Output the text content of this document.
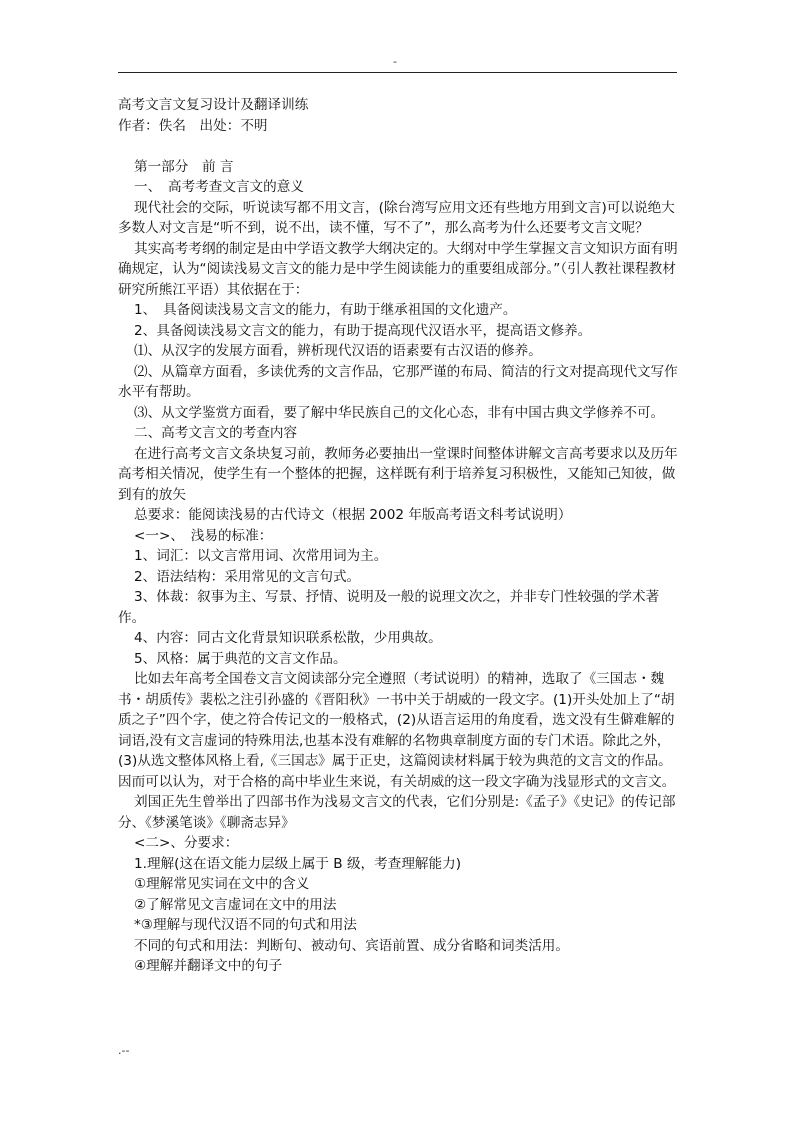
-

高考文言文复习设计及翻译训练

作者：佚名　出处：不明

第一部分　前 言

一、　高考考查文言文的意义

现代社会的交际，听说读写都不用文言，(除台湾写应用文还有些地方用到文言)可以说绝大多数人对文言是“听不到，说不出，读不懂，写不了”，那么高考为什么还要考文言文呢？

其实高考考纲的制定是由中学语文教学大纲决定的。大纲对中学生掌握文言文知识方面有明确规定，认为“阅读浅易文言文的能力是中学生阅读能力的重要组成部分。”（引人教社课程教材研究所熊江平语）其依据在于：

1、　具备阅读浅易文言文的能力，有助于继承祖国的文化遗产。

2、具备阅读浅易文言文的能力，有助于提高现代汉语水平，提高语文修养。

⑴、从汉字的发展方面看，辨析现代汉语的语素要有古汉语的修养。

⑵、从篇章方面看，多读优秀的文言作品，它那严谨的布局、简洁的行文对提高现代文写作水平有帮助。

⑶、从文学鉴赏方面看，要了解中华民族自己的文化心态，非有中国古典文学修养不可。

二、高考文言文的考查内容

在进行高考文言文条块复习前，教师务必要抽出一堂课时间整体讲解文言高考要求以及历年高考相关情况，使学生有一个整体的把握，这样既有利于培养复习积极性，又能知己知彼，做到有的放矢

总要求：能阅读浅易的古代诗文（根据 2002 年版高考语文科考试说明）

<一>、　浅易的标准：

1、词汇：以文言常用词、次常用词为主。

2、语法结构：采用常见的文言句式。

3、体裁：叙事为主、写景、抒情、说明及一般的说理文次之，并非专门性较强的学术著作。

4、内容：同古文化背景知识联系松散，少用典故。

5、风格：属于典范的文言文作品。

比如去年高考全国卷文言文阅读部分完全遵照（考试说明）的精神，选取了《三国志・魏书・胡质传》裴松之注引孙盛的《晋阳秋》一书中关于胡威的一段文字。(1)开头处加上了“胡质之子”四个字，使之符合传记文的一般格式，(2)从语言运用的角度看，选文没有生僻难解的词语,没有文言虚词的特殊用法,也基本没有难解的名物典章制度方面的专门术语。除此之外，(3)从选文整体风格上看,《三国志》属于正史，这篇阅读材料属于较为典范的文言文的作品。因而可以认为，对于合格的高中毕业生来说，有关胡威的这一段文字确为浅显形式的文言文。

刘国正先生曾举出了四部书作为浅易文言文的代表，它们分别是:《孟子》《史记》的传记部分、《梦溪笔谈》《聊斋志异》

<二>、分要求：

1.理解(这在语文能力层级上属于 B 级，考查理解能力)

①理解常见实词在文中的含义

②了解常见文言虚词在文中的用法

*③理解与现代汉语不同的句式和用法

不同的句式和用法：判断句、被动句、宾语前置、成分省略和词类活用。

④理解并翻译文中的句子

.--
